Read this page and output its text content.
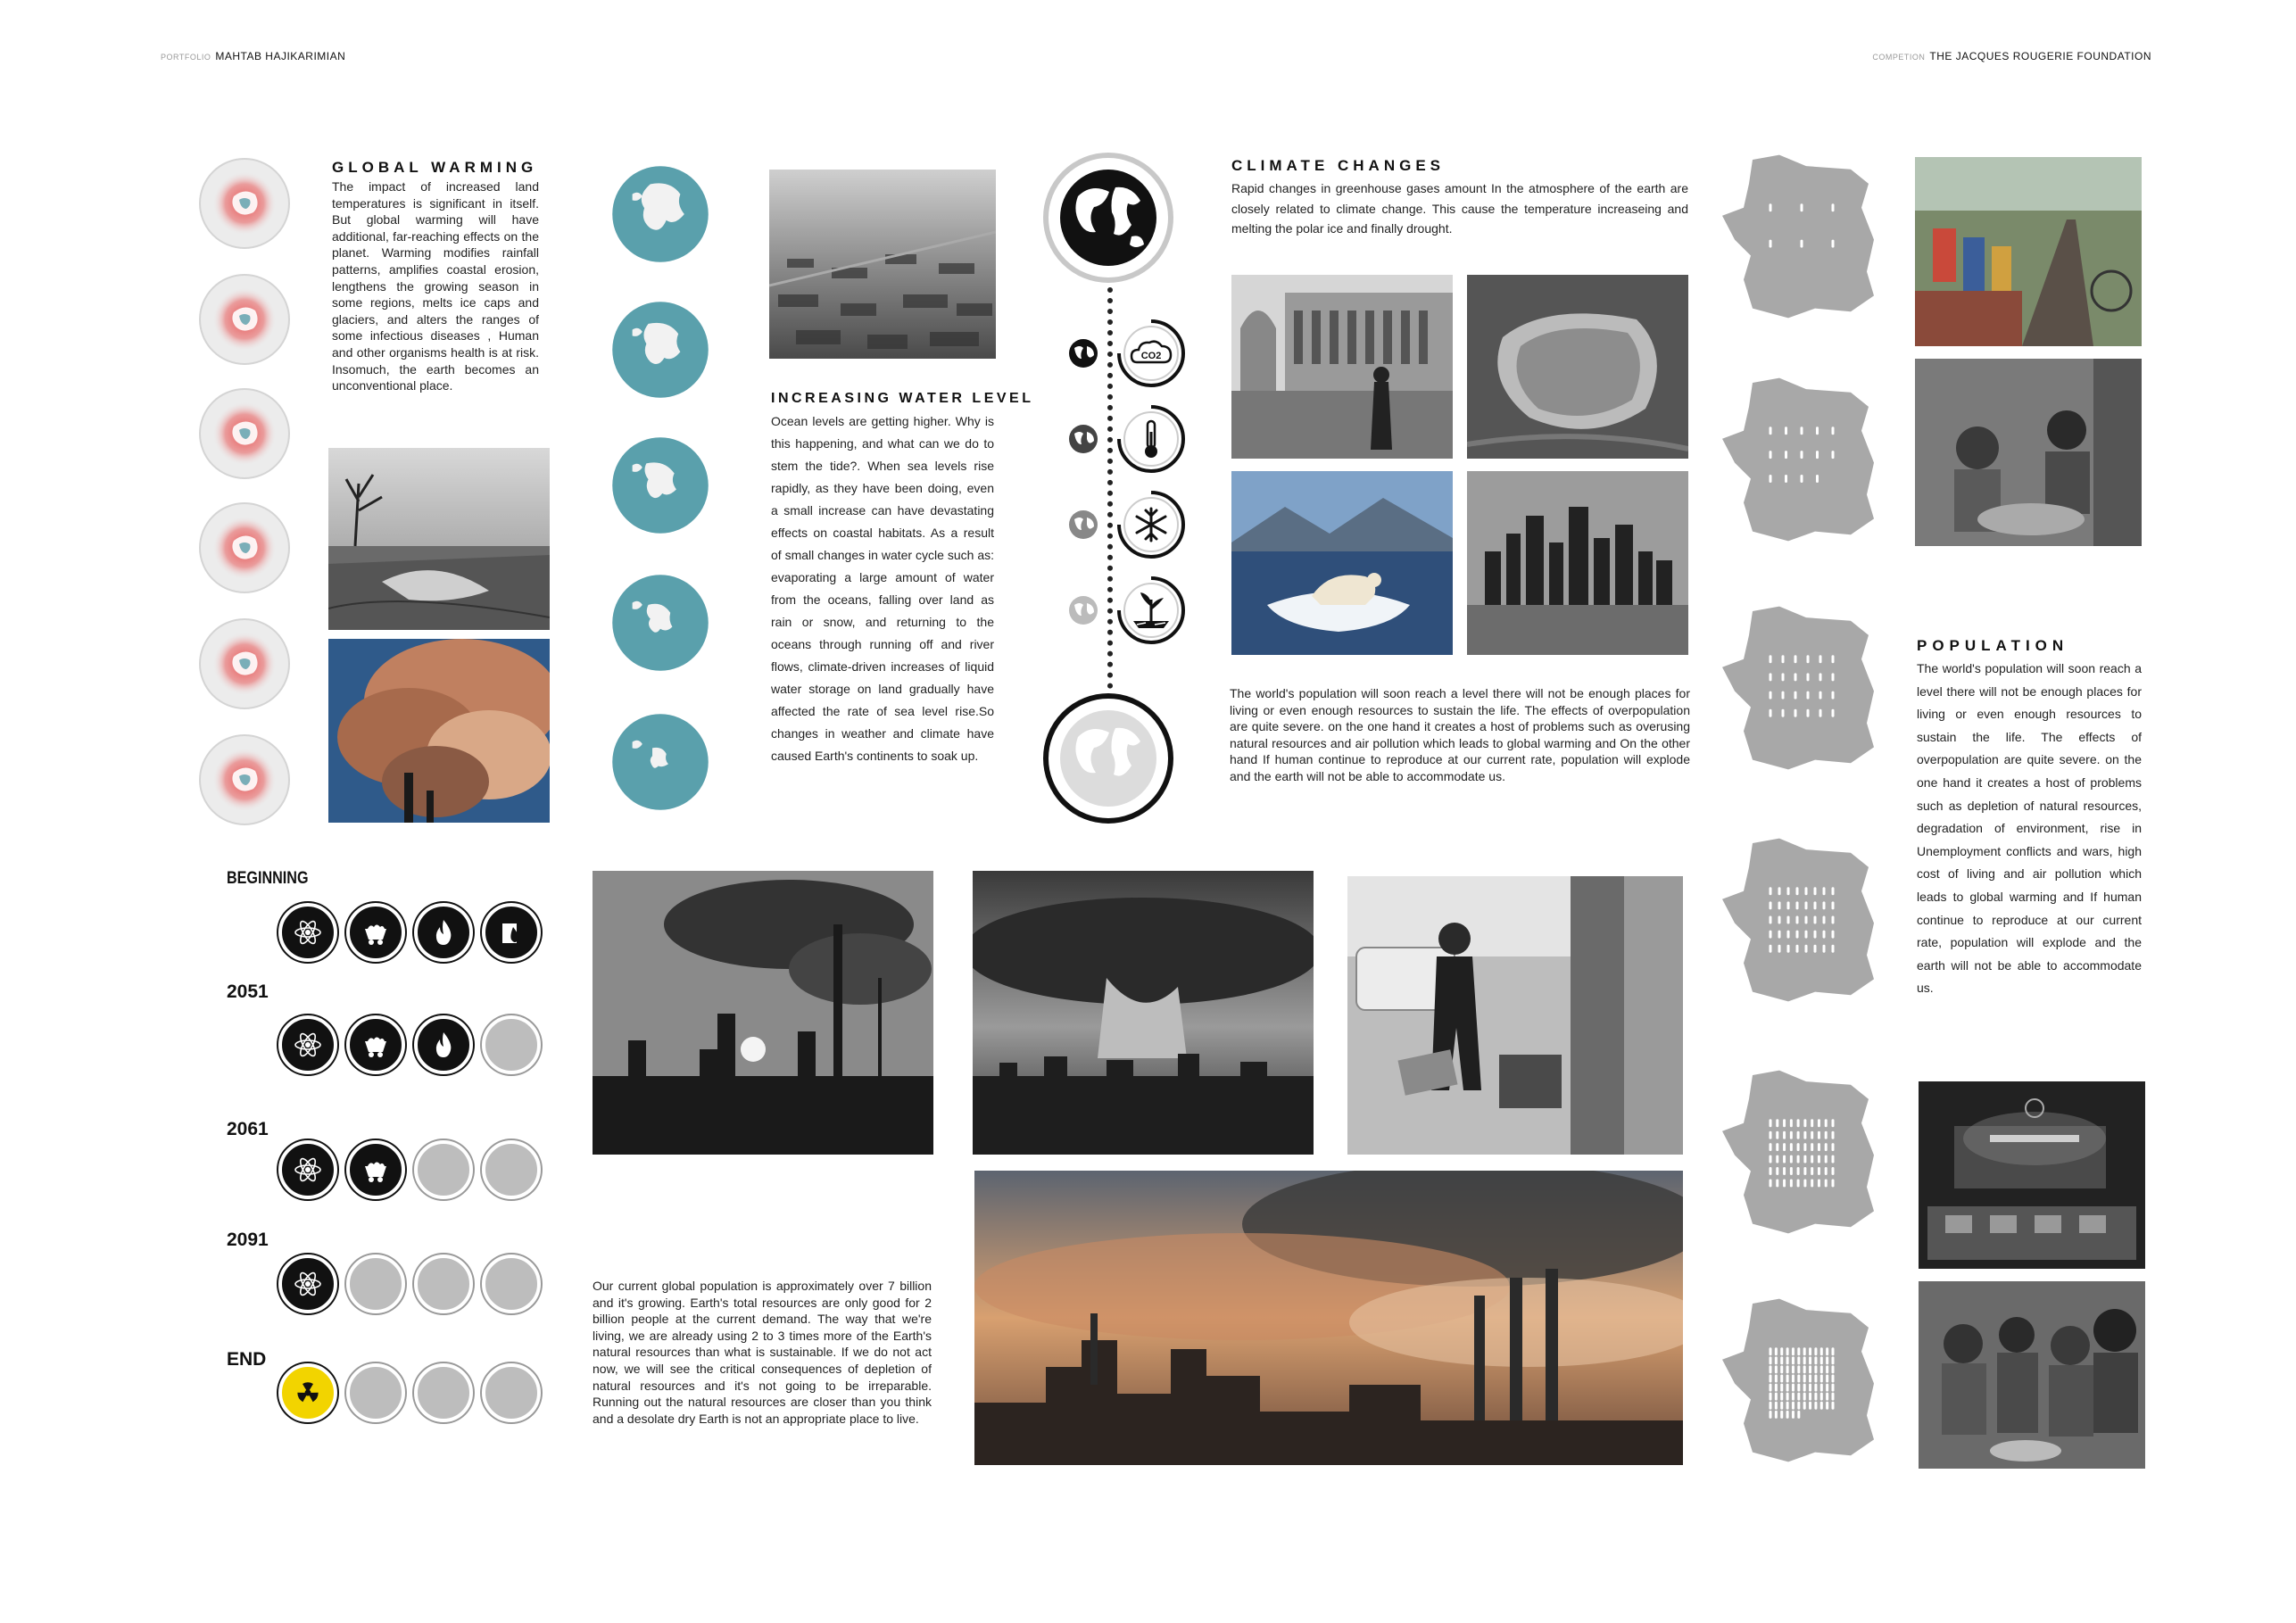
PORTFOLIO MAHTAB HAJIKARIMIAN	COMPETION THE JACQUES ROUGERIE FOUNDATION
GLOBAL WARMING
The impact of increased land temperatures is significant in itself. But global warming will have additional, far-reaching effects on the planet. Warming modifies rainfall patterns, amplifies coastal erosion, lengthens the growing season in some regions, melts ice caps and glaciers, and alters the ranges of some infectious diseases , Human and other organisms health is at risk. Insomuch, the earth becomes an unconventional place.
INCREASING WATER LEVEL
Ocean levels are getting higher. Why is this happening, and what can we do to stem the tide?. When sea levels rise rapidly, as they have been doing, even a small increase can have devastating effects on coastal habitats. As a result of small changes in water cycle such as: evaporating a large amount of water from the oceans, falling over land as rain or snow, and returning to the oceans through running off and river flows, climate-driven increases of liquid water storage on land gradually have affected the rate of sea level rise.So changes in weather and climate have caused Earth's continents to soak up.
CO2
CLIMATE CHANGES
Rapid changes in greenhouse gases amount In the atmosphere of the earth are closely related to climate change. This cause the temperature increaseing and melting the polar ice and finally drought.
The world's population will soon reach a level there will not be enough places for living or even enough resources to sustain the life. The effects of overpopulation are quite severe. on the one hand it creates a host of problems such as overusing natural resources and air pollution which leads to global warming and On the other hand If human continue to reproduce at our current rate, population will explode and the earth will not be able to accommodate us.
POPULATION
The world's population will soon reach a level there will not be enough places for living or even enough resources to sustain the life. The effects of overpopulation are quite severe. on the one hand it creates a host of problems such as depletion of natural resources, degradation of environment, rise in Unemployment conflicts and wars, high cost of living and air pollution which leads to global warming and If human continue to reproduce at our current rate, population will explode and the earth will not be able to accommodate us.
BEGINNING
2051
2061
2091
END
Our current global population is approximately over 7 billion and it's growing. Earth's total resources are only good for 2 billion people at the current demand. The way that we're living, we are already using 2 to 3 times more of the Earth's natural resources than what is sustainable. If we do not act now, we will see the critical consequences of depletion of natural resources and it's not going to be irreparable. Running out the natural resources are closer than you think and a desolate dry Earth is not an appropriate place to live.
